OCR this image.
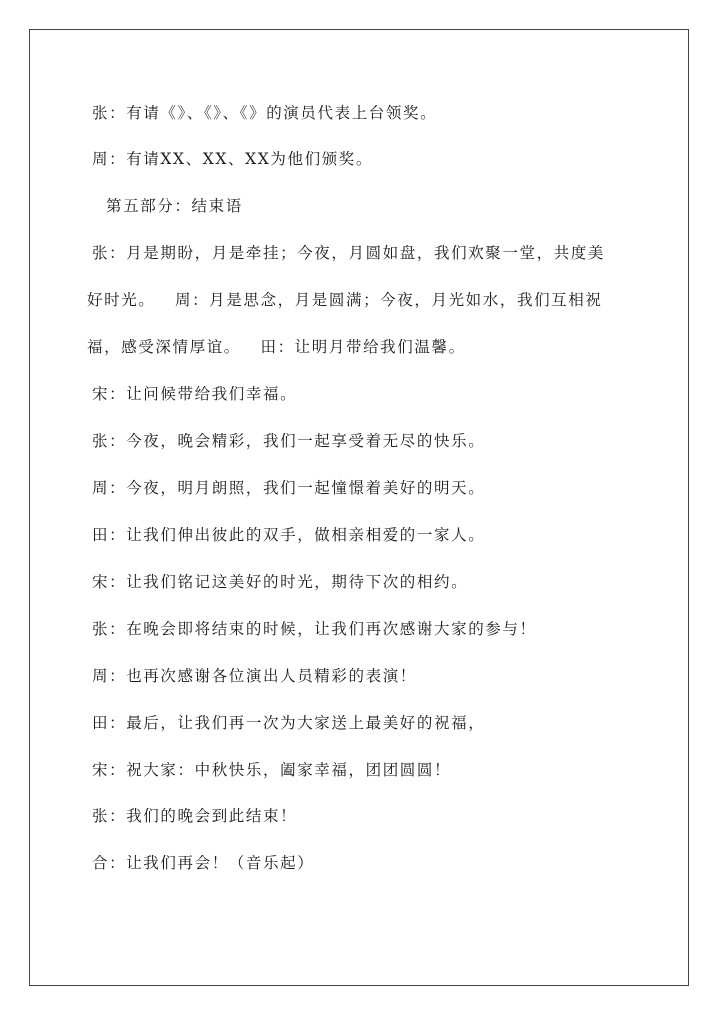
张：有请《》、《》、《》的演员代表上台领奖。
周：有请XX、XX、XX为他们颁奖。
第五部分：结束语
张：月是期盼，月是牵挂；今夜，月圆如盘，我们欢聚一堂，共度美
好时光。   周：月是思念，月是圆满；今夜，月光如水，我们互相祝
福，感受深情厚谊。   田：让明月带给我们温馨。
宋：让问候带给我们幸福。
张：今夜，晚会精彩，我们一起享受着无尽的快乐。
周：今夜，明月朗照，我们一起憧憬着美好的明天。
田：让我们伸出彼此的双手，做相亲相爱的一家人。
宋：让我们铭记这美好的时光，期待下次的相约。
张：在晚会即将结束的时候，让我们再次感谢大家的参与！
周：也再次感谢各位演出人员精彩的表演！
田：最后，让我们再一次为大家送上最美好的祝福，
宋：祝大家：中秋快乐，阖家幸福，团团圆圆！
张：我们的晚会到此结束！
合：让我们再会！（音乐起）
